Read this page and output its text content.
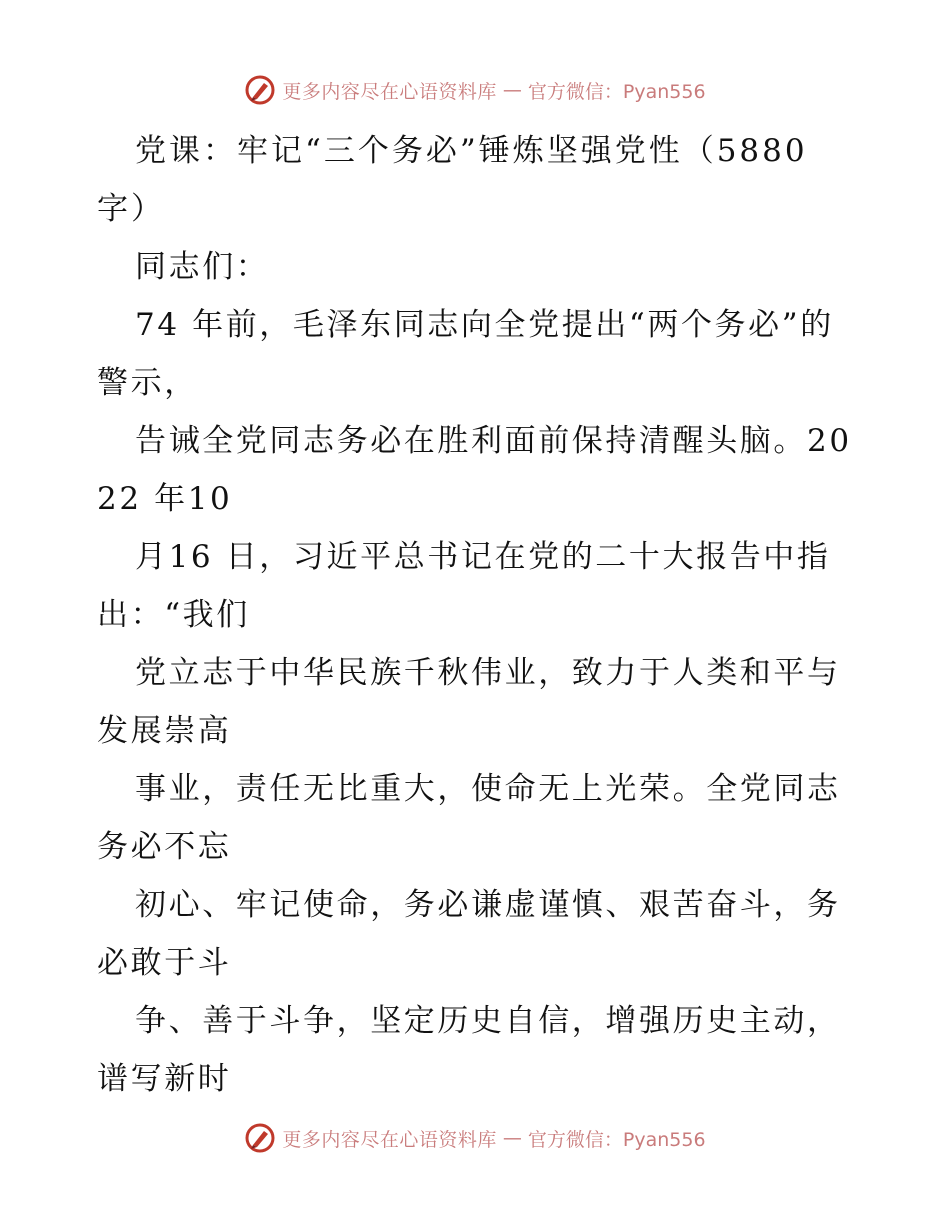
更多内容尽在心语资料库 — 官方微信：Pyan556

党课：牢记“三个务必”锤炼坚强党性（5880 字）

同志们：

74 年前，毛泽东同志向全党提出“两个务必”的警示，

告诫全党同志务必在胜利面前保持清醒头脑。2022 年10

月16 日，习近平总书记在党的二十大报告中指出：“我们

党立志于中华民族千秋伟业，致力于人类和平与发展崇高

事业，责任无比重大，使命无上光荣。全党同志务必不忘

初心、牢记使命，务必谦虚谨慎、艰苦奋斗，务必敢于斗

争、善于斗争，坚定历史自信，增强历史主动，谱写新时

更多内容尽在心语资料库 — 官方微信：Pyan556
